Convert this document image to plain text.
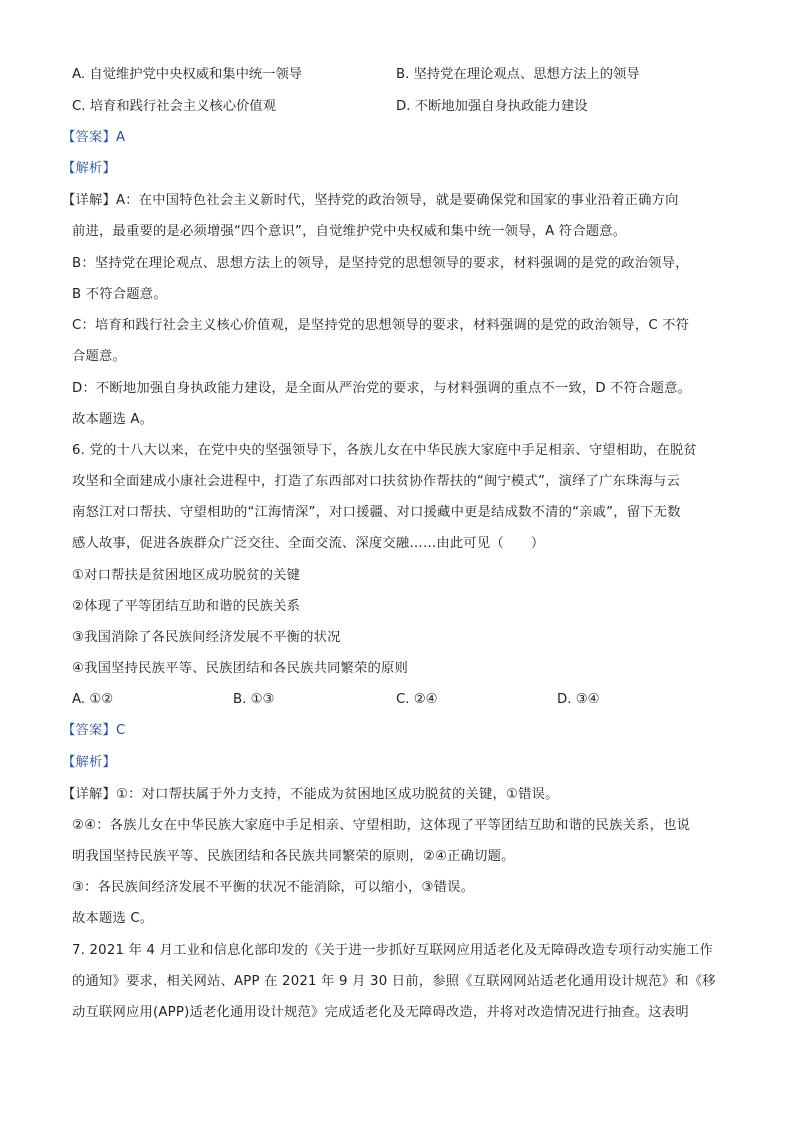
A. 自觉维护党中央权威和集中统一领导	B. 坚持党在理论观点、思想方法上的领导
C. 培育和践行社会主义核心价值观	D. 不断地加强自身执政能力建设
【答案】A
【解析】
【详解】A：在中国特色社会主义新时代，坚持党的政治领导，就是要确保党和国家的事业沿着正确方向
前进，最重要的是必须增强“四个意识”，自觉维护党中央权威和集中统一领导，A 符合题意。
B：坚持党在理论观点、思想方法上的领导，是坚持党的思想领导的要求，材料强调的是党的政治领导，
B 不符合题意。
C：培育和践行社会主义核心价值观，是坚持党的思想领导的要求，材料强调的是党的政治领导，C 不符
合题意。
D：不断地加强自身执政能力建设，是全面从严治党的要求，与材料强调的重点不一致，D 不符合题意。
故本题选 A。
6. 党的十八大以来，在党中央的坚强领导下，各族儿女在中华民族大家庭中手足相亲、守望相助，在脱贫
攻坚和全面建成小康社会进程中，打造了东西部对口扶贫协作帮扶的“闽宁模式”，演绎了广东珠海与云
南怒江对口帮扶、守望相助的“江海情深”，对口援疆、对口援藏中更是结成数不清的“亲戚”，留下无数
感人故事，促进各族群众广泛交往、全面交流、深度交融……由此可见（　　）
①对口帮扶是贫困地区成功脱贫的关键
②体现了平等团结互助和谐的民族关系
③我国消除了各民族间经济发展不平衡的状况
④我国坚持民族平等、民族团结和各民族共同繁荣的原则
A. ①②	B. ①③	C. ②④	D. ③④
【答案】C
【解析】
【详解】①：对口帮扶属于外力支持，不能成为贫困地区成功脱贫的关键，①错误。
②④：各族儿女在中华民族大家庭中手足相亲、守望相助，这体现了平等团结互助和谐的民族关系，也说
明我国坚持民族平等、民族团结和各民族共同繁荣的原则，②④正确切题。
③：各民族间经济发展不平衡的状况不能消除，可以缩小，③错误。
故本题选 C。
7. 2021 年 4 月工业和信息化部印发的《关于进一步抓好互联网应用适老化及无障碍改造专项行动实施工作
的通知》要求，相关网站、APP 在 2021 年 9 月 30 日前，参照《互联网网站适老化通用设计规范》和《移
动互联网应用(APP)适老化通用设计规范》完成适老化及无障碍改造，并将对改造情况进行抽查。这表明
